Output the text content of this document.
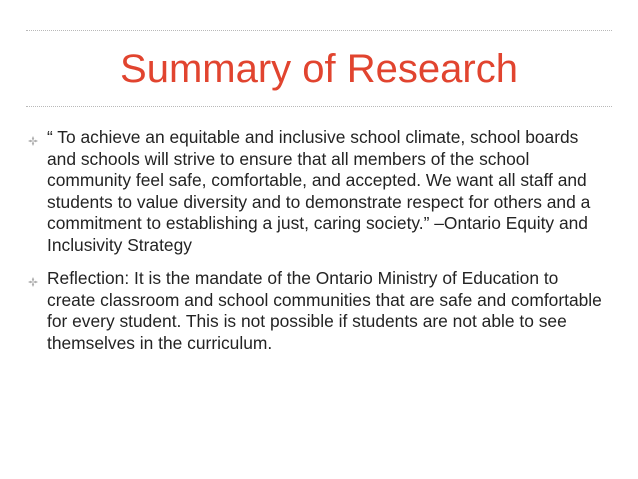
Summary of Research
“ To achieve an equitable and inclusive school climate, school boards and schools will strive to ensure that all members of the school community feel safe, comfortable, and accepted. We want all staff and students to value diversity and to demonstrate respect for others and a commitment to establishing a just, caring society.” –Ontario Equity and Inclusivity Strategy
Reflection: It is the mandate of the Ontario Ministry of Education to create classroom and school communities that are safe and comfortable for every student. This is not possible if students are not able to see themselves in the curriculum.
